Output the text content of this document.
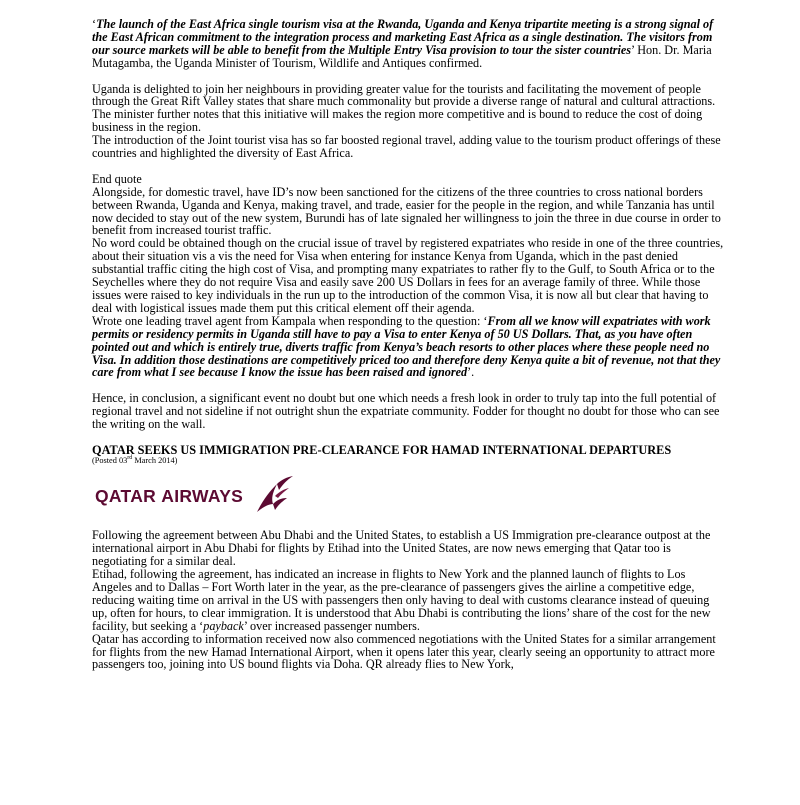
‘The launch of the East Africa single tourism visa at the Rwanda, Uganda and Kenya tripartite meeting is a strong signal of the East African commitment to the integration process and marketing East Africa as a single destination. The visitors from our source markets will be able to benefit from the Multiple Entry Visa provision to tour the sister countries’ Hon. Dr. Maria Mutagamba, the Uganda Minister of Tourism, Wildlife and Antiques confirmed.

Uganda is delighted to join her neighbours in providing greater value for the tourists and facilitating the movement of people through the Great Rift Valley states that share much commonality but provide a diverse range of natural and cultural attractions. The minister further notes that this initiative will makes the region more competitive and is bound to reduce the cost of doing business in the region.

The introduction of the Joint tourist visa has so far boosted regional travel, adding value to the tourism product offerings of these countries and highlighted the diversity of East Africa.

End quote

Alongside, for domestic travel, have ID’s now been sanctioned for the citizens of the three countries to cross national borders between Rwanda, Uganda and Kenya, making travel, and trade, easier for the people in the region, and while Tanzania has until now decided to stay out of the new system, Burundi has of late signaled her willingness to join the three in due course in order to benefit from increased tourist traffic.

No word could be obtained though on the crucial issue of travel by registered expatriates who reside in one of the three countries, about their situation vis a vis the need for Visa when entering for instance Kenya from Uganda, which in the past denied substantial traffic citing the high cost of Visa, and prompting many expatriates to rather fly to the Gulf, to South Africa or to the Seychelles where they do not require Visa and easily save 200 US Dollars in fees for an average family of three. While those issues were raised to key individuals in the run up to the introduction of the common Visa, it is now all but clear that having to deal with logistical issues made them put this critical element off their agenda.

Wrote one leading travel agent from Kampala when responding to the question: ‘From all we know will expatriates with work permits or residency permits in Uganda still have to pay a Visa to enter Kenya of 50 US Dollars. That, as you have often pointed out and which is entirely true, diverts traffic from Kenya’s beach resorts to other places where these people need no Visa. In addition those destinations are competitively priced too and therefore deny Kenya quite a bit of revenue, not that they care from what I see because I know the issue has been raised and ignored’.

Hence, in conclusion, a significant event no doubt but one which needs a fresh look in order to truly tap into the full potential of regional travel and not sideline if not outright shun the expatriate community. Fodder for thought no doubt for those who can see the writing on the wall.

QATAR SEEKS US IMMIGRATION PRE-CLEARANCE FOR HAMAD INTERNATIONAL DEPARTURES

(Posted 03rd March 2014)

QATAR AIRWAYS

Following the agreement between Abu Dhabi and the United States, to establish a US Immigration pre-clearance outpost at the international airport in Abu Dhabi for flights by Etihad into the United States, are now news emerging that Qatar too is negotiating for a similar deal.

Etihad, following the agreement, has indicated an increase in flights to New York and the planned launch of flights to Los Angeles and to Dallas – Fort Worth later in the year, as the pre-clearance of passengers gives the airline a competitive edge, reducing waiting time on arrival in the US with passengers then only having to deal with customs clearance instead of queuing up, often for hours, to clear immigration. It is understood that Abu Dhabi is contributing the lions’ share of the cost for the new facility, but seeking a ‘payback’ over increased passenger numbers.

Qatar has according to information received now also commenced negotiations with the United States for a similar arrangement for flights from the new Hamad International Airport, when it opens later this year, clearly seeing an opportunity to attract more passengers too, joining into US bound flights via Doha. QR already flies to New York,
